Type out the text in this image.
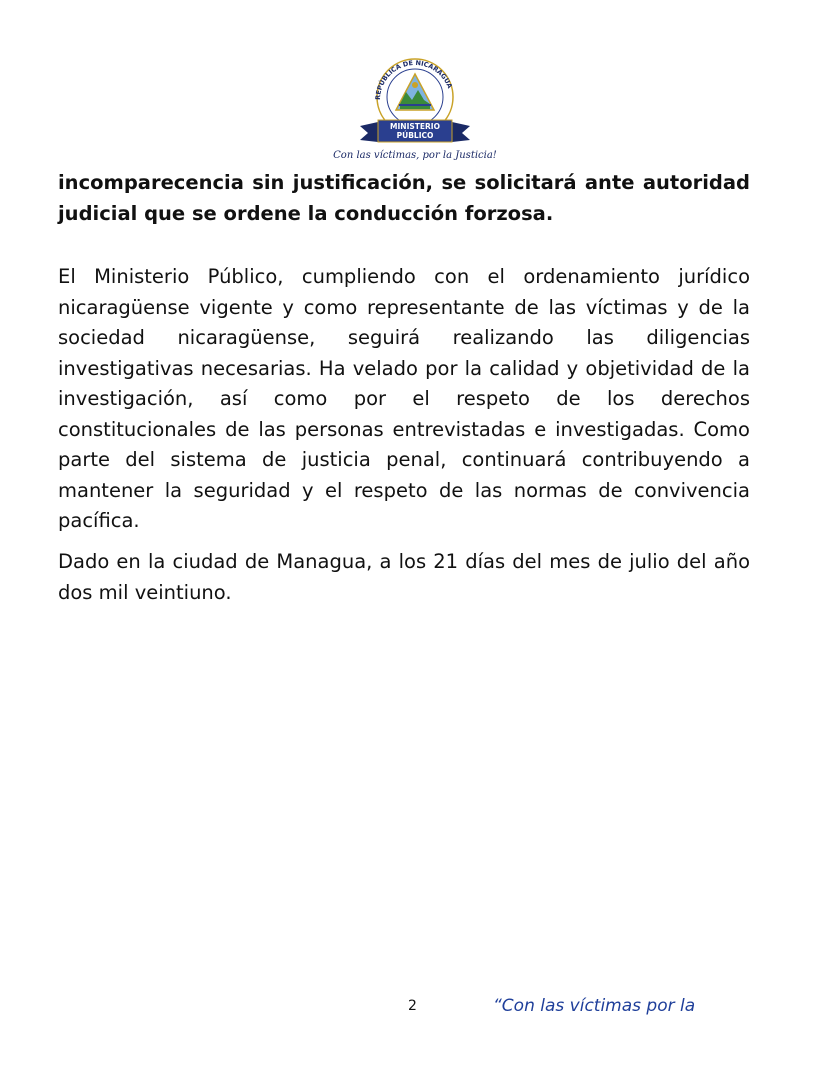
REPÚBLICA DE NICARAGUA
MINISTERIO
PÚBLICO
Con las víctimas, por la Justicia!

incomparecencia sin justificación, se solicitará ante autoridad judicial que se ordene la conducción forzosa.

El Ministerio Público, cumpliendo con el ordenamiento jurídico nicaragüense vigente y como representante de las víctimas y de la sociedad nicaragüense, seguirá realizando las diligencias investigativas necesarias. Ha velado por la calidad y objetividad de la investigación, así como por el respeto de los derechos constitucionales de las personas entrevistadas e investigadas. Como parte del sistema de justicia penal, continuará contribuyendo a mantener la seguridad y el respeto de las normas de convivencia pacífica.

Dado en la ciudad de Managua, a los 21 días del mes de julio del año dos mil veintiuno.

2	“Con las víctimas por la
